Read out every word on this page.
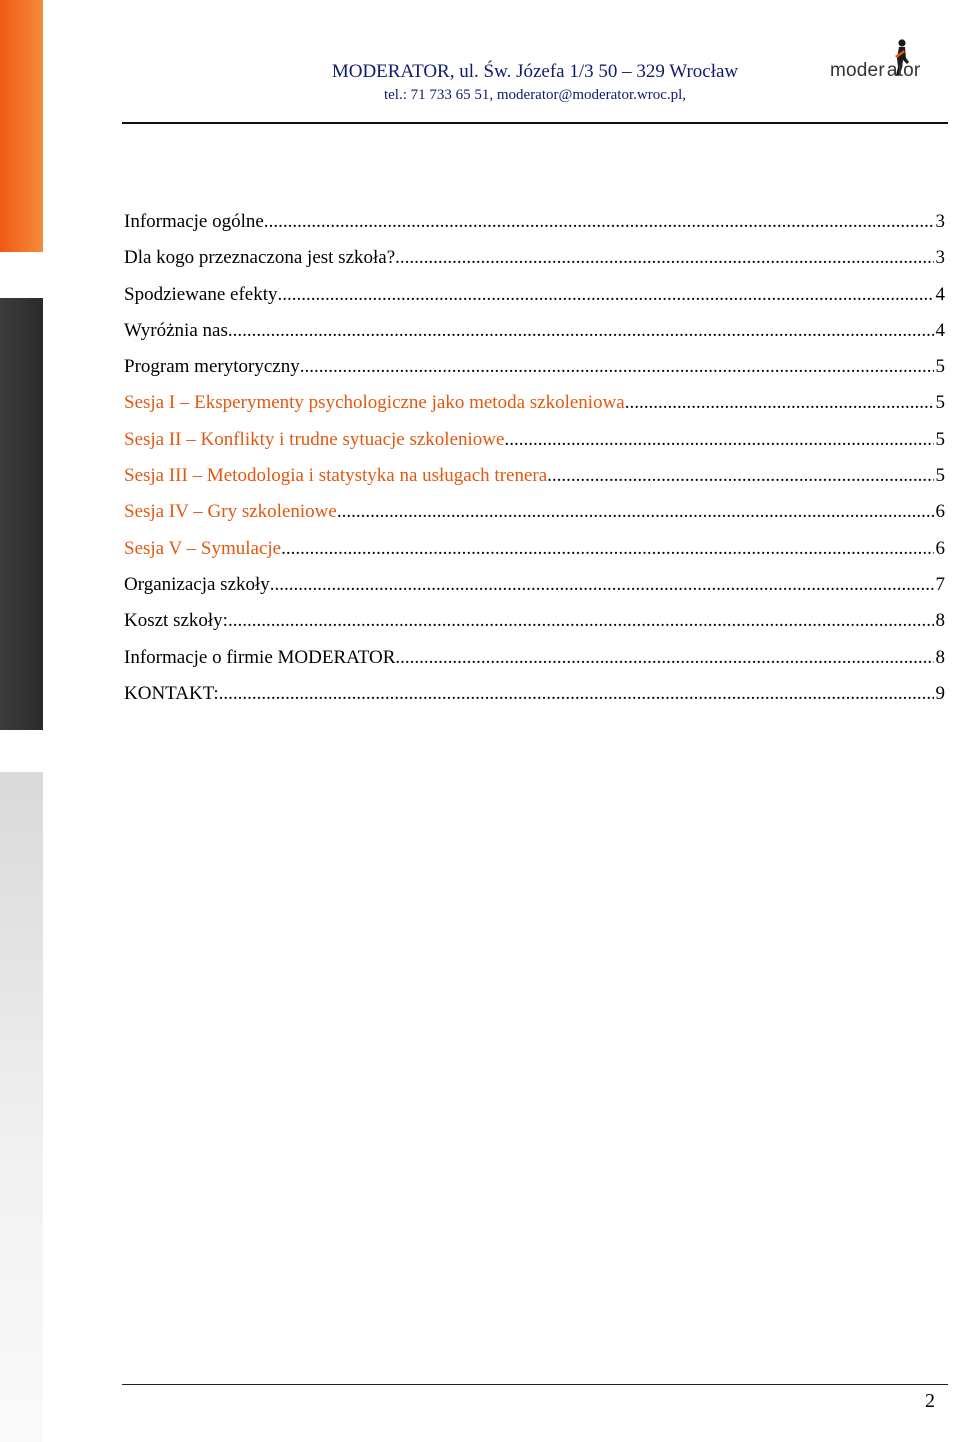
MODERATOR, ul. Św. Józefa 1/3 50 – 329 Wrocław
tel.: 71 733 65 51, moderator@moderator.wroc.pl,
moder ator
Informacje ogólne. .....	3
Dla kogo przeznaczona jest szkoła? .....	3
Spodziewane efekty .....	4
Wyróżnia nas .....	4
Program merytoryczny .....	5
Sesja I – Eksperymenty psychologiczne jako metoda szkoleniowa .....	5
Sesja II – Konflikty i trudne sytuacje szkoleniowe .....	5
Sesja III – Metodologia i statystyka na usługach trenera .....	5
Sesja IV – Gry szkoleniowe .....	6
Sesja V – Symulacje .....	6
Organizacja szkoły .....	7
Koszt szkoły: .....	8
Informacje o firmie MODERATOR .....	8
KONTAKT: .....	9
2
